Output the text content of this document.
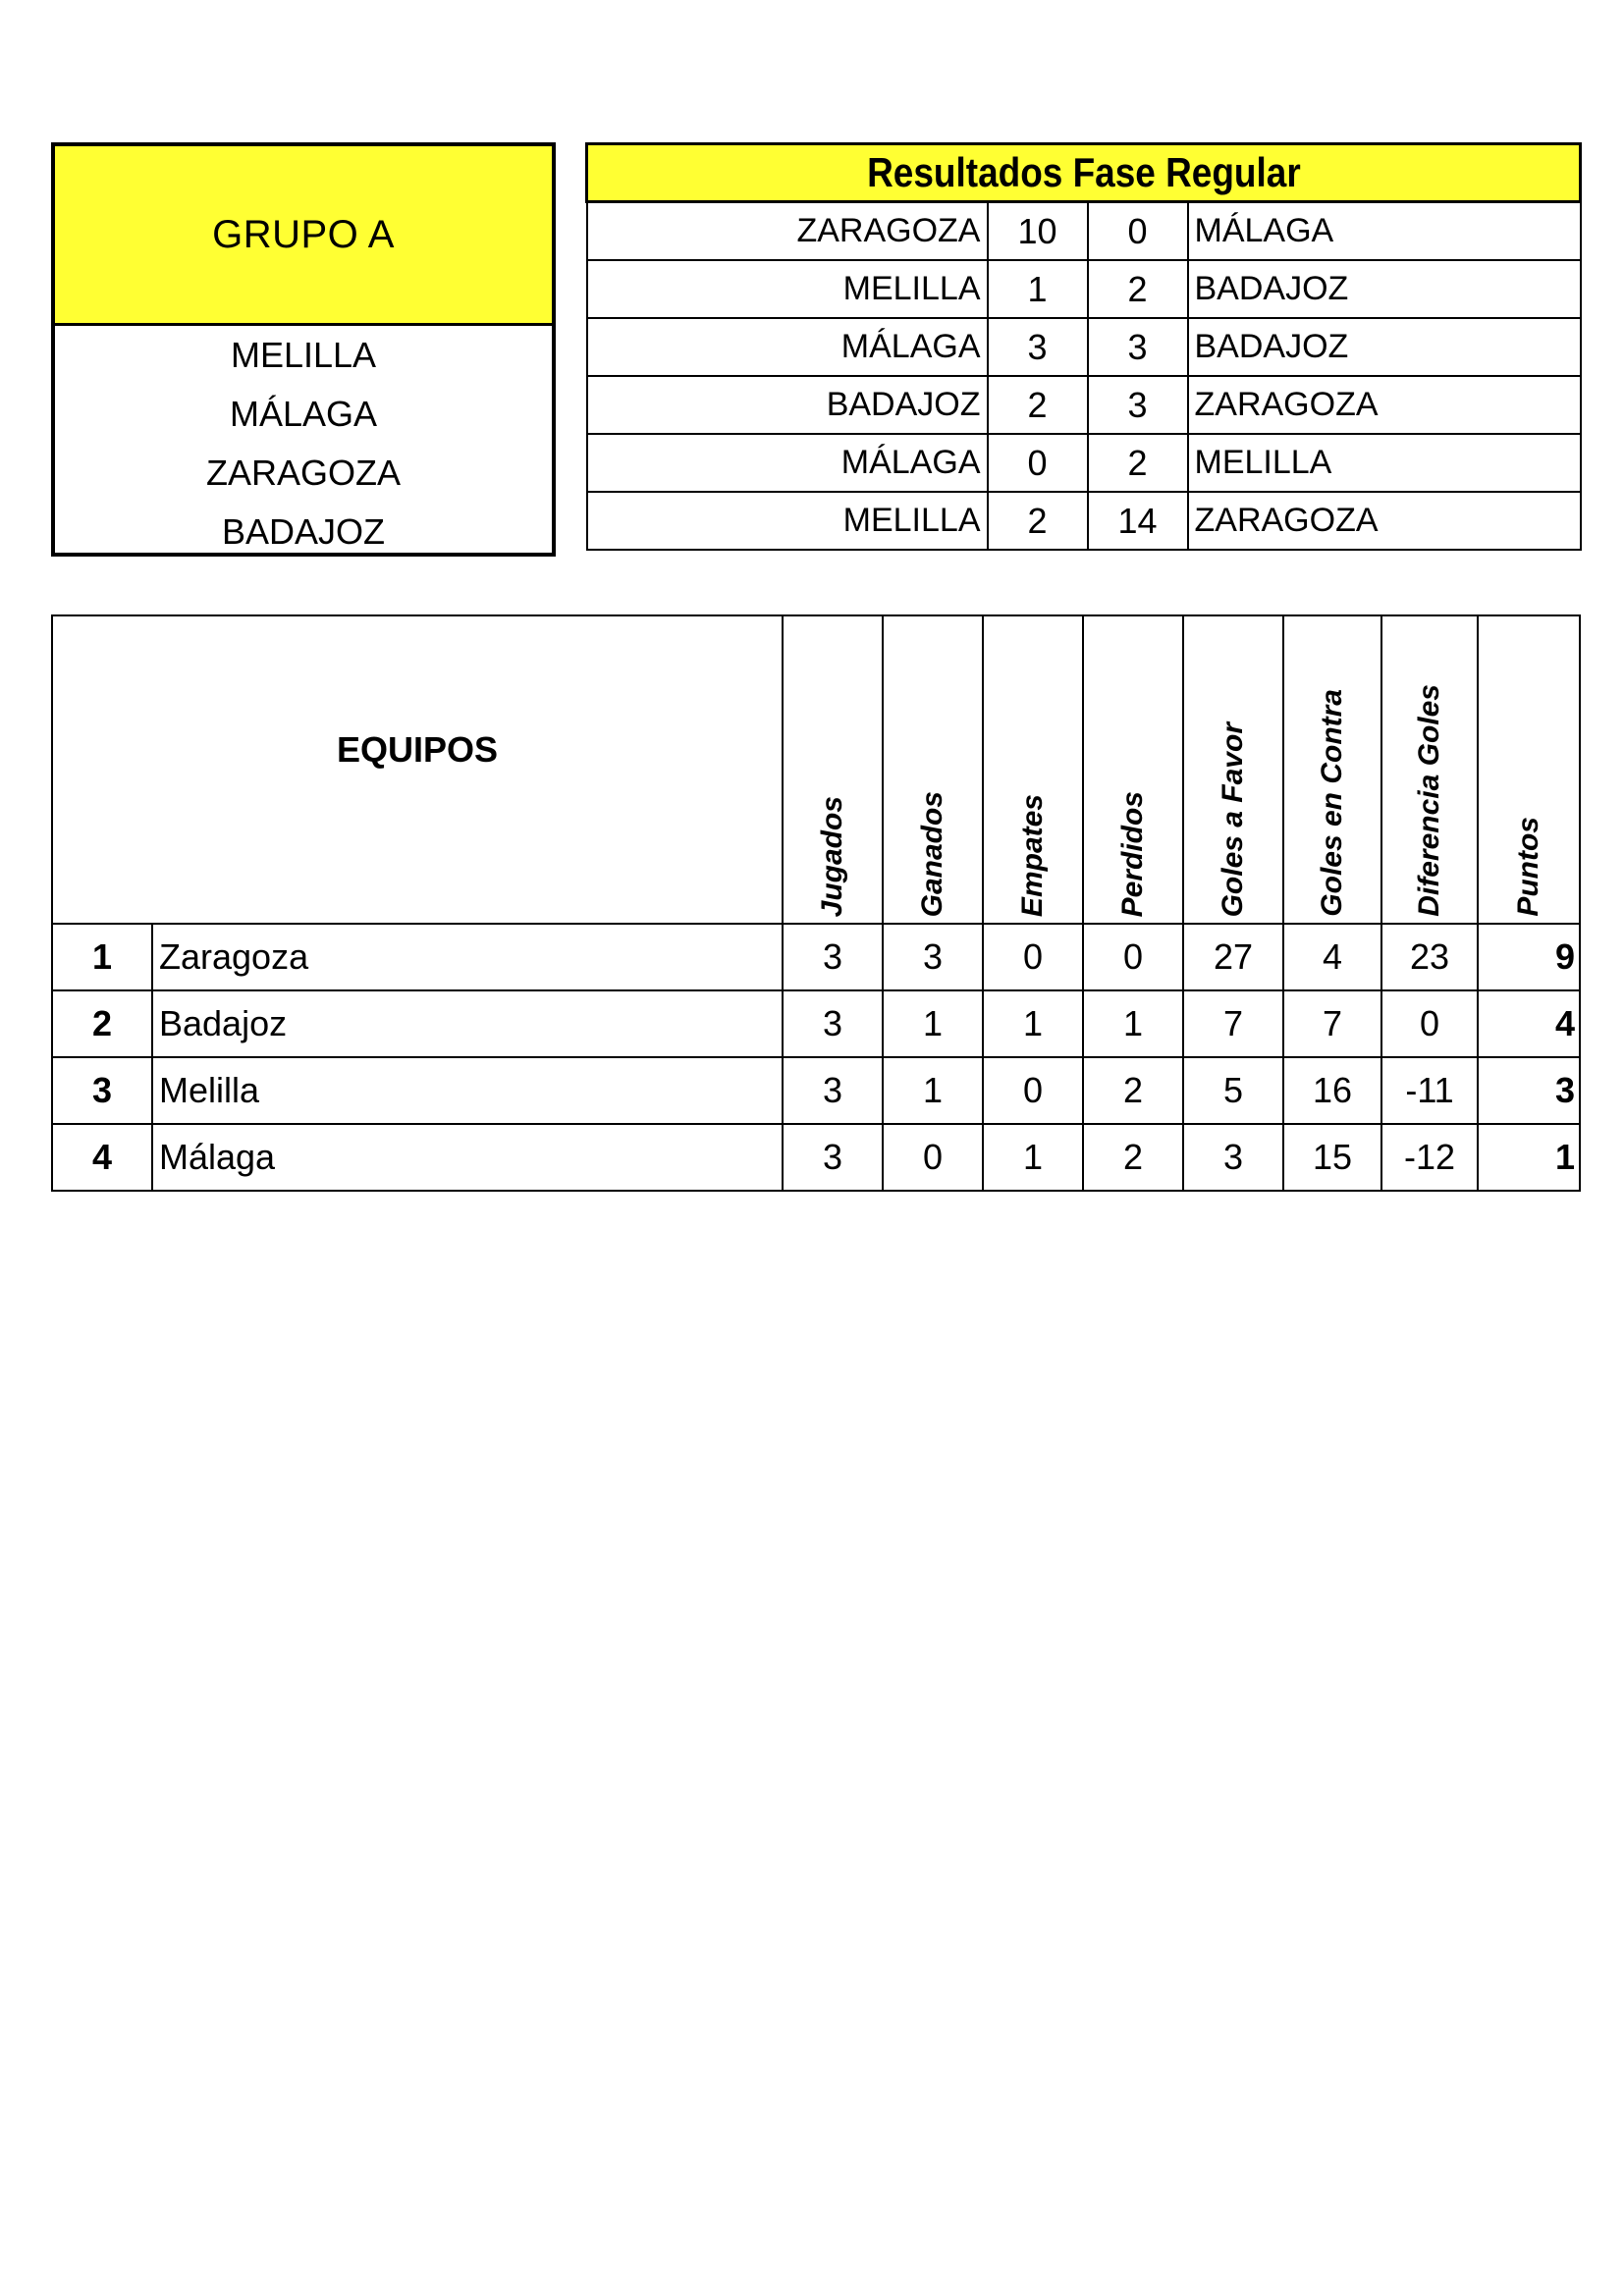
GRUPO A
MELILLA
MÁLAGA
ZARAGOZA
BADAJOZ
Resultados Fase Regular			
ZARAGOZA	10	0	MÁLAGA
MELILLA	1	2	BADAJOZ
MÁLAGA	3	3	BADAJOZ
BADAJOZ	2	3	ZARAGOZA
MÁLAGA	0	2	MELILLA
MELILLA	2	14	ZARAGOZA
EQUIPOS		Jugados	Ganados	Empates	Perdidos	Goles a Favor	Goles en Contra	Diferencia Goles	Puntos

1	Zaragoza	3	3	0	0	27	4	23	9
2	Badajoz	3	1	1	1	7	7	0	4
3	Melilla	3	1	0	2	5	16	-11	3
4	Málaga	3	0	1	2	3	15	-12	1
